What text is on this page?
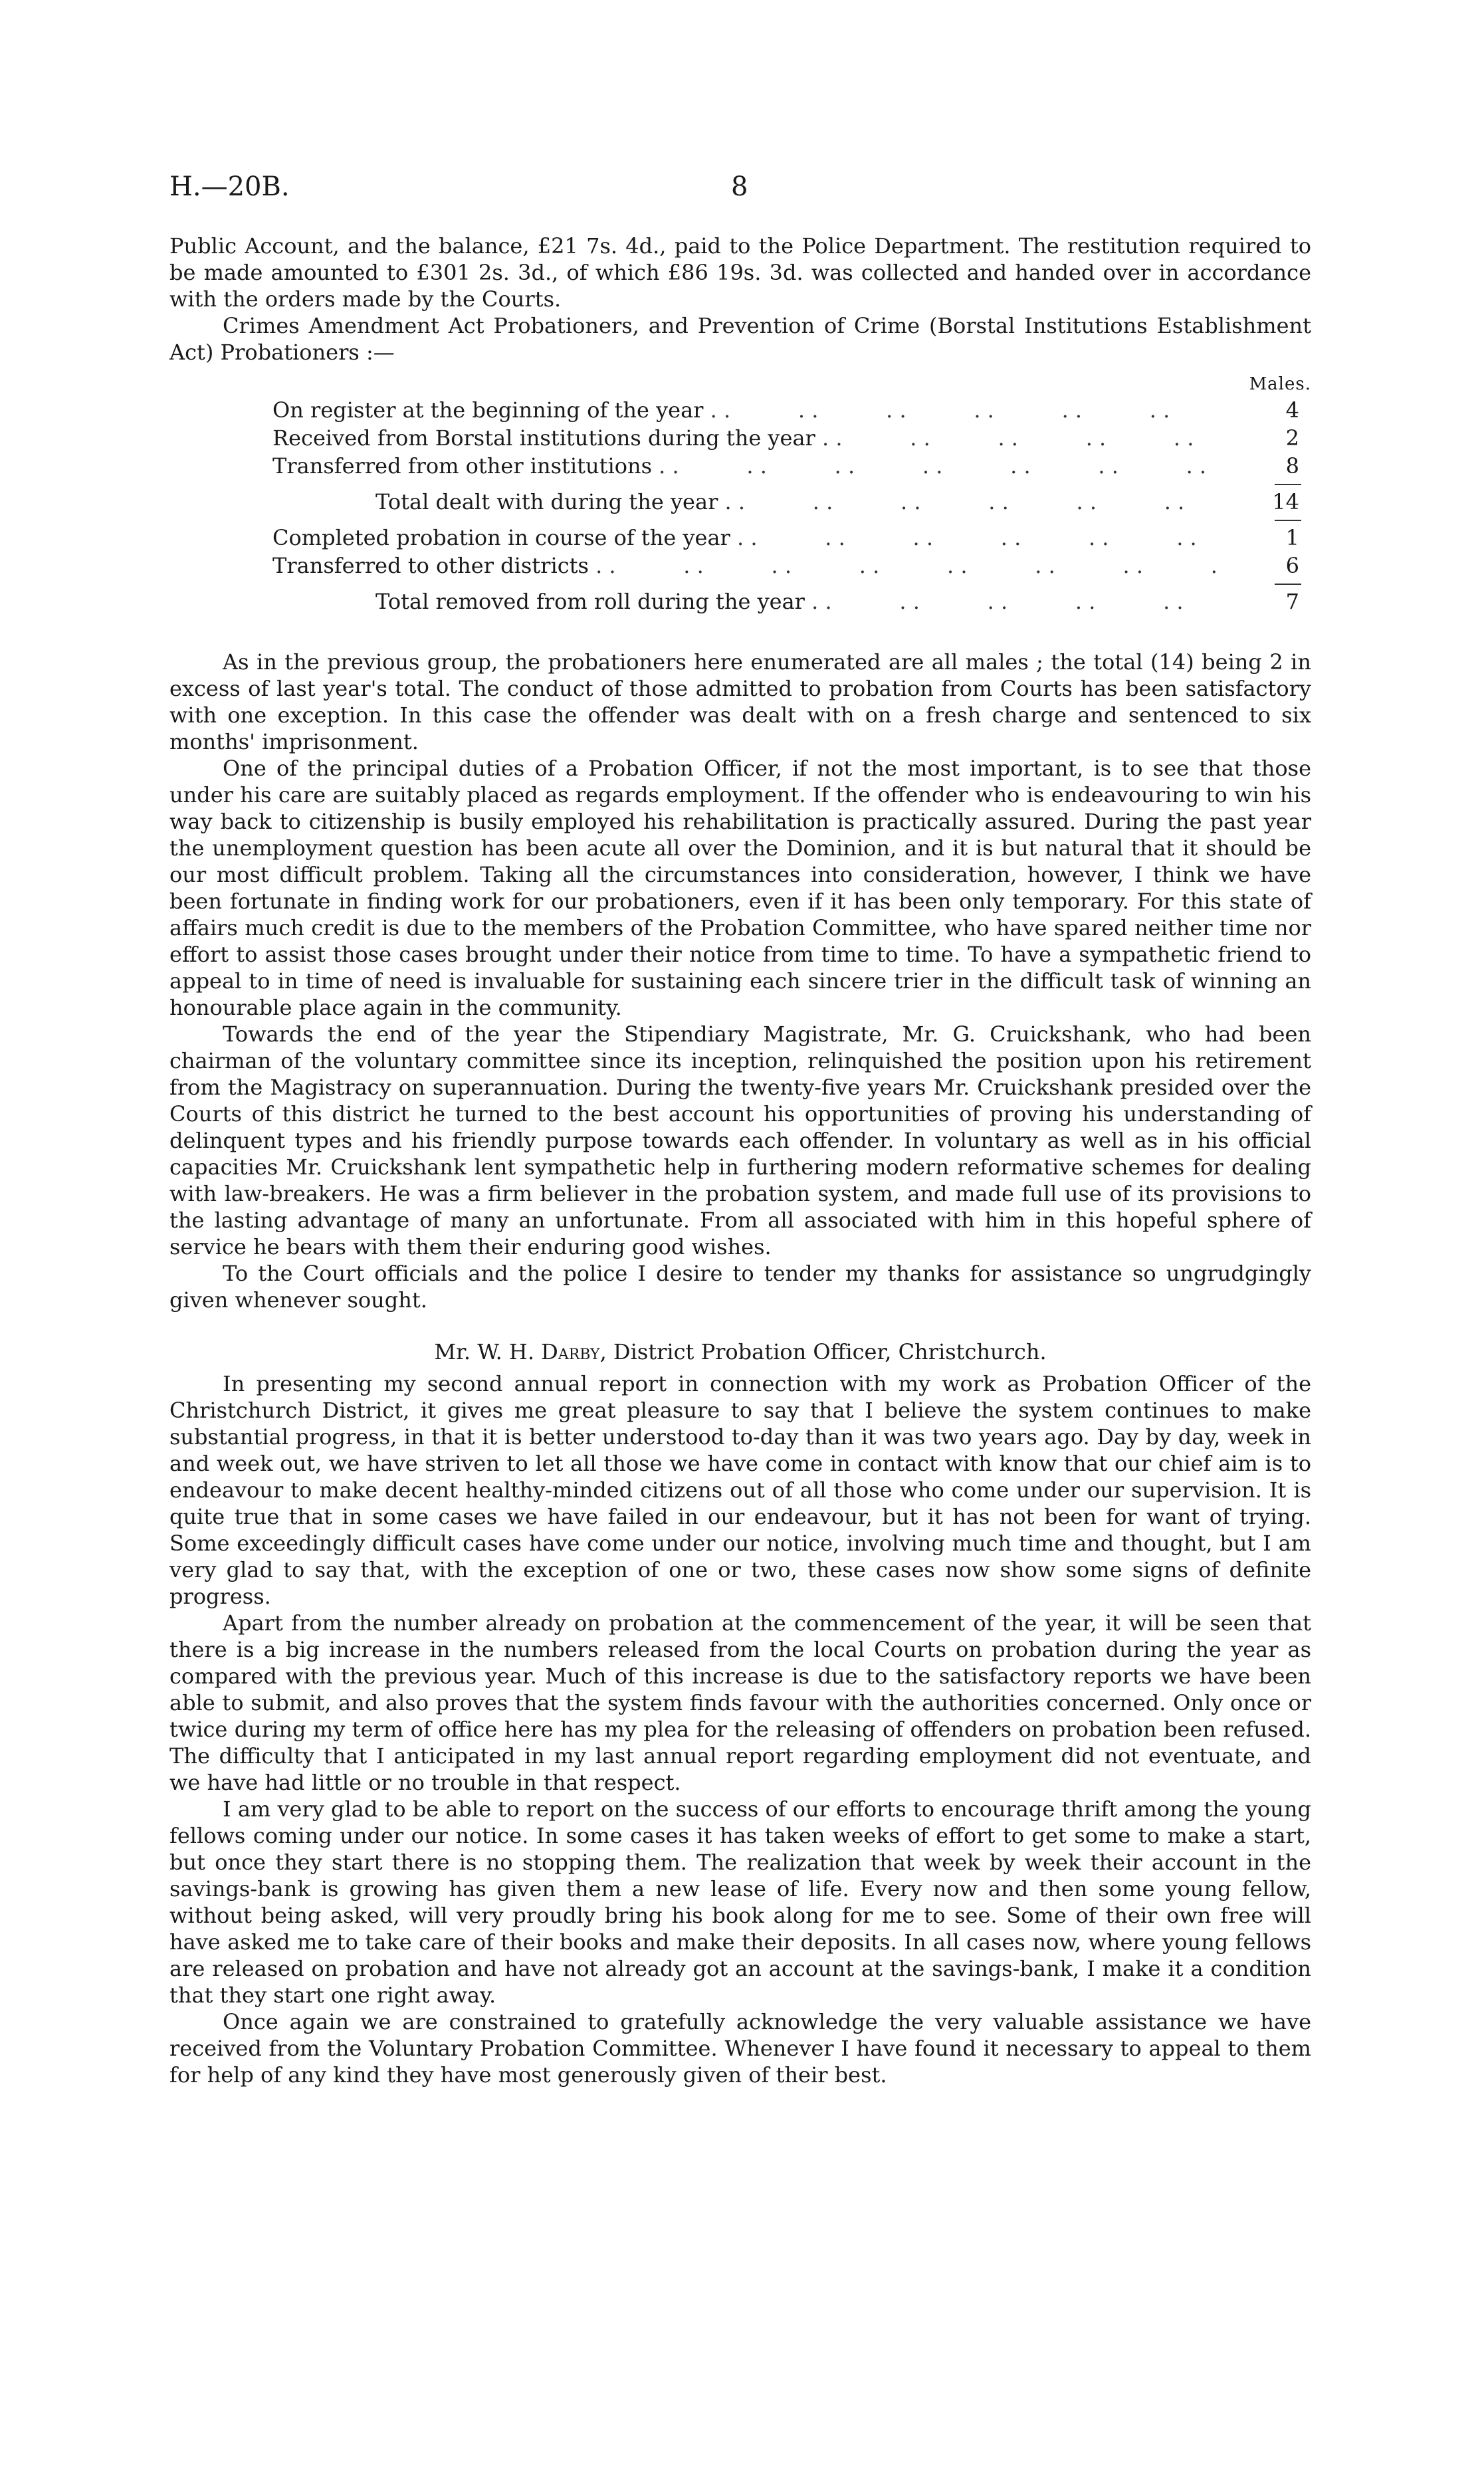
H.—20B.	8

Public Account, and the balance, £21 7s. 4d., paid to the Police Department. The restitution required to be made amounted to £301 2s. 3d., of which £86 19s. 3d. was collected and handed over in accordance with the orders made by the Courts.

Crimes Amendment Act Probationers, and Prevention of Crime (Borstal Institutions Establishment Act) Probationers :—

Males.
On register at the beginning of the year . .	4
Received from Borstal institutions during the year . .	2
Transferred from other institutions . .	8
Total dealt with during the year . .	14
Completed probation in course of the year . .	1
Transferred to other districts . .	6
Total removed from roll during the year . .	7

As in the previous group, the probationers here enumerated are all males ; the total (14) being 2 in excess of last year's total. The conduct of those admitted to probation from Courts has been satisfactory with one exception. In this case the offender was dealt with on a fresh charge and sentenced to six months' imprisonment.

One of the principal duties of a Probation Officer, if not the most important, is to see that those under his care are suitably placed as regards employment. If the offender who is endeavouring to win his way back to citizenship is busily employed his rehabilitation is practically assured. During the past year the unemployment question has been acute all over the Dominion, and it is but natural that it should be our most difficult problem. Taking all the circumstances into consideration, however, I think we have been fortunate in finding work for our probationers, even if it has been only temporary. For this state of affairs much credit is due to the members of the Probation Committee, who have spared neither time nor effort to assist those cases brought under their notice from time to time. To have a sympathetic friend to appeal to in time of need is invaluable for sustaining each sincere trier in the difficult task of winning an honourable place again in the community.

Towards the end of the year the Stipendiary Magistrate, Mr. G. Cruickshank, who had been chairman of the voluntary committee since its inception, relinquished the position upon his retirement from the Magistracy on superannuation. During the twenty-five years Mr. Cruickshank presided over the Courts of this district he turned to the best account his opportunities of proving his understanding of delinquent types and his friendly purpose towards each offender. In voluntary as well as in his official capacities Mr. Cruickshank lent sympathetic help in furthering modern reformative schemes for dealing with law-breakers. He was a firm believer in the probation system, and made full use of its provisions to the lasting advantage of many an unfortunate. From all associated with him in this hopeful sphere of service he bears with them their enduring good wishes.

To the Court officials and the police I desire to tender my thanks for assistance so ungrudgingly given whenever sought.

Mr. W. H. Darby, District Probation Officer, Christchurch.

In presenting my second annual report in connection with my work as Probation Officer of the Christchurch District, it gives me great pleasure to say that I believe the system continues to make substantial progress, in that it is better understood to-day than it was two years ago. Day by day, week in and week out, we have striven to let all those we have come in contact with know that our chief aim is to endeavour to make decent healthy-minded citizens out of all those who come under our supervision. It is quite true that in some cases we have failed in our endeavour, but it has not been for want of trying. Some exceedingly difficult cases have come under our notice, involving much time and thought, but I am very glad to say that, with the exception of one or two, these cases now show some signs of definite progress.

Apart from the number already on probation at the commencement of the year, it will be seen that there is a big increase in the numbers released from the local Courts on probation during the year as compared with the previous year. Much of this increase is due to the satisfactory reports we have been able to submit, and also proves that the system finds favour with the authorities concerned. Only once or twice during my term of office here has my plea for the releasing of offenders on probation been refused. The difficulty that I anticipated in my last annual report regarding employment did not eventuate, and we have had little or no trouble in that respect.

I am very glad to be able to report on the success of our efforts to encourage thrift among the young fellows coming under our notice. In some cases it has taken weeks of effort to get some to make a start, but once they start there is no stopping them. The realization that week by week their account in the savings-bank is growing has given them a new lease of life. Every now and then some young fellow, without being asked, will very proudly bring his book along for me to see. Some of their own free will have asked me to take care of their books and make their deposits. In all cases now, where young fellows are released on probation and have not already got an account at the savings-bank, I make it a condition that they start one right away.

Once again we are constrained to gratefully acknowledge the very valuable assistance we have received from the Voluntary Probation Committee. Whenever I have found it necessary to appeal to them for help of any kind they have most generously given of their best.
